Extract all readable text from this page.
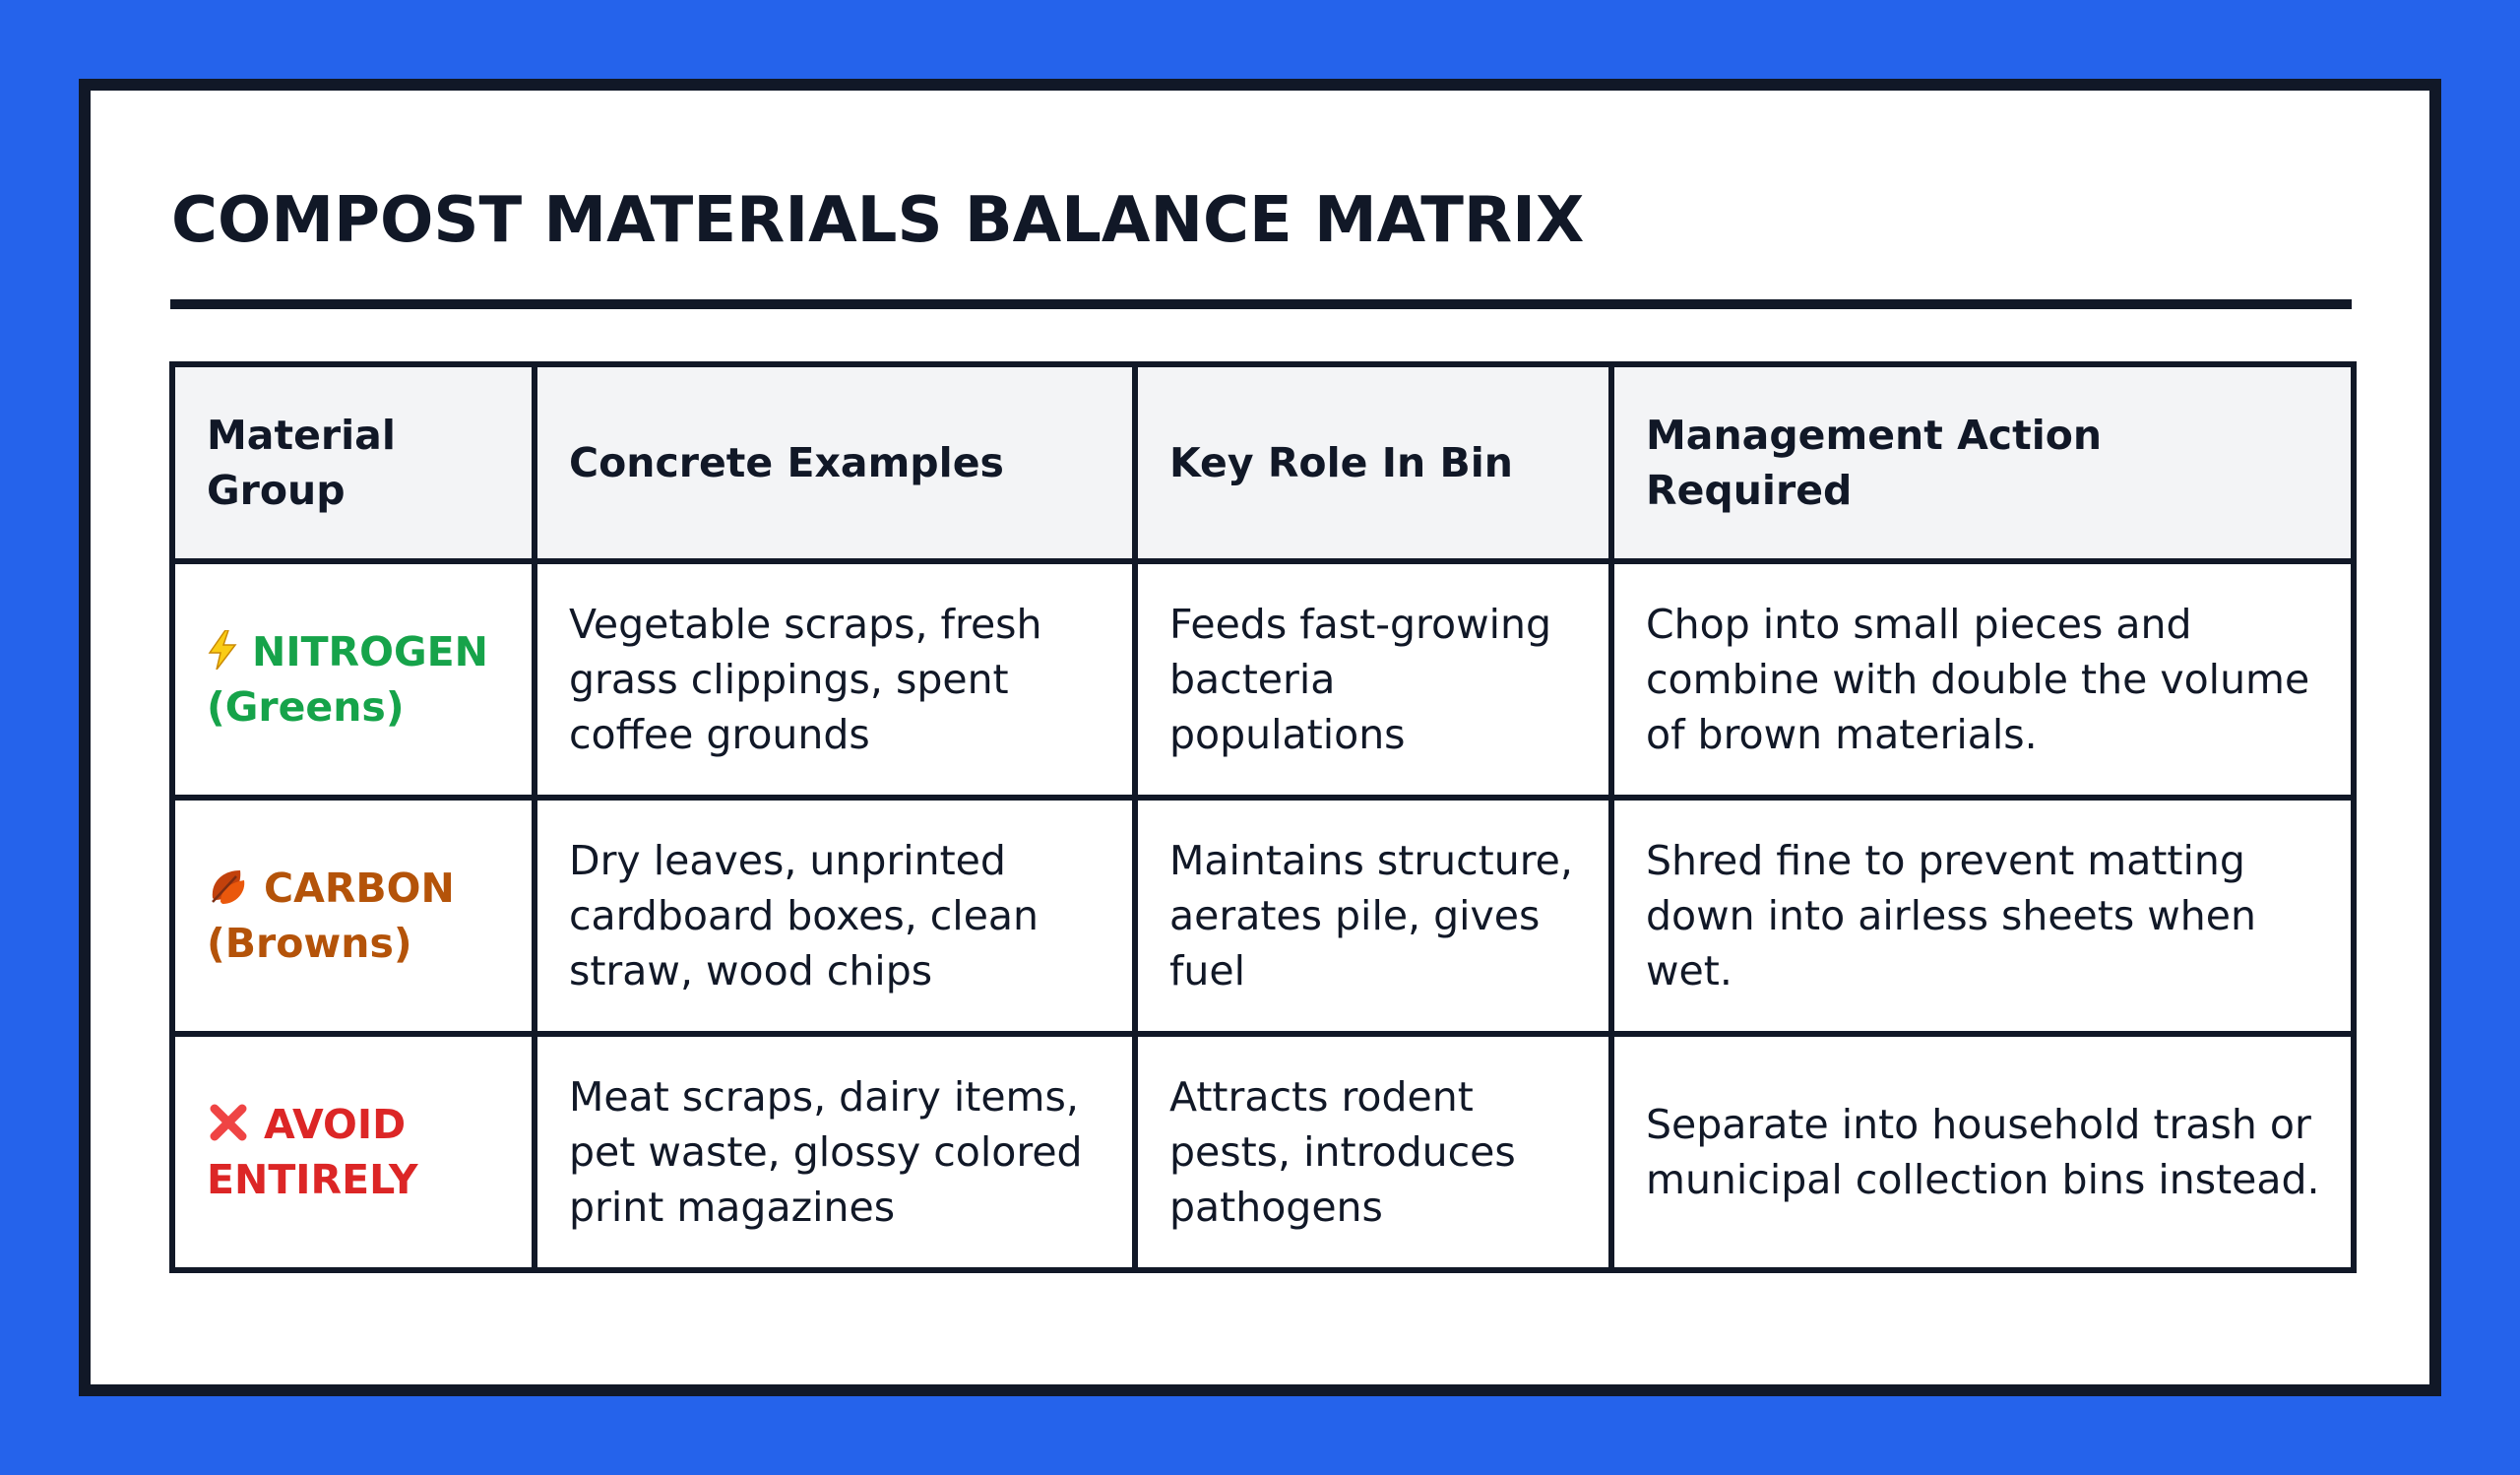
COMPOST MATERIALS BALANCE MATRIX
Material Group	Concrete Examples	Key Role In Bin	Management Action Required
NITROGEN (Greens)	Vegetable scraps, fresh grass clippings, spent coffee grounds	Feeds fast-growing bacteria populations	Chop into small pieces and combine with double the volume of brown materials.
CARBON (Browns)	Dry leaves, unprinted cardboard boxes, clean straw, wood chips	Maintains structure, aerates pile, gives fuel	Shred fine to prevent matting down into airless sheets when wet.
AVOID ENTIRELY	Meat scraps, dairy items, pet waste, glossy colored print magazines	Attracts rodent pests, introduces pathogens	Separate into household trash or municipal collection bins instead.
